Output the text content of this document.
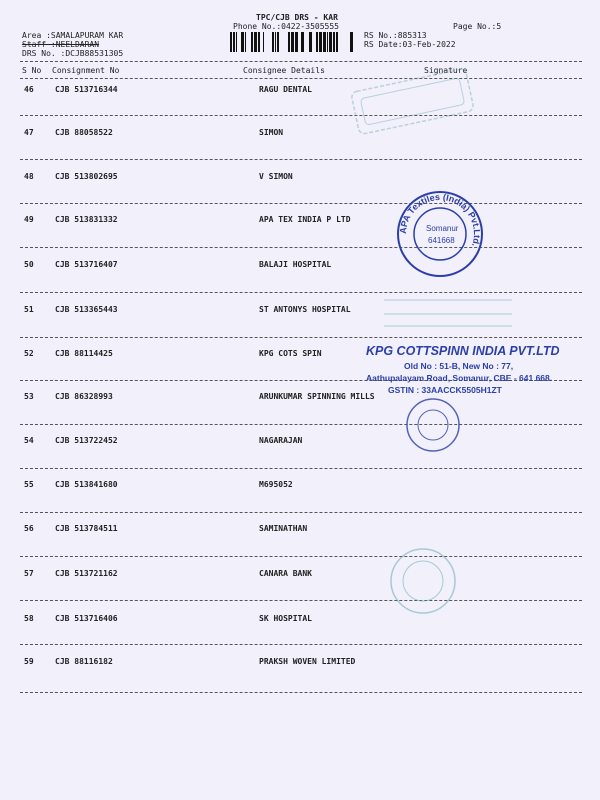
TPC/CJB DRS - KAR
Phone No.:0422-3505555	Page No.:5
Area :SAMALAPURAM KAR
Staff :NEELDARAN
DRS No. :DCJB88531305
RS No.:885313
RS Date:03-Feb-2022
S No Consignment No	Consignee Details	Signature
46	CJB 513716344	RAGU DENTAL
47	CJB 88058522	SIMON
48	CJB 513802695	V SIMON
49	CJB 513831332	APA TEX INDIA P LTD
50	CJB 513716407	BALAJI HOSPITAL
51	CJB 513365443	ST ANTONYS HOSPITAL
52	CJB 88114425	KPG COTS SPIN
53	CJB 86328993	ARUNKUMAR SPINNING MILLS
54	CJB 513722452	NAGARAJAN
55	CJB 513841680	M695052
56	CJB 513784511	SAMINATHAN
57	CJB 513721162	CANARA BANK
58	CJB 513716406	SK HOSPITAL
59	CJB 88116182	PRAKSH WOVEN LIMITED
APA Textiles (India) Pvt.Ltd.
Somanur
641668
KPG COTTSPINN INDIA PVT.LTD
Old No : 51-B, New No : 77,
Aathupalayam Road, Somanur, CBE - 641 668.
GSTIN : 33AACCK5505H1ZT
